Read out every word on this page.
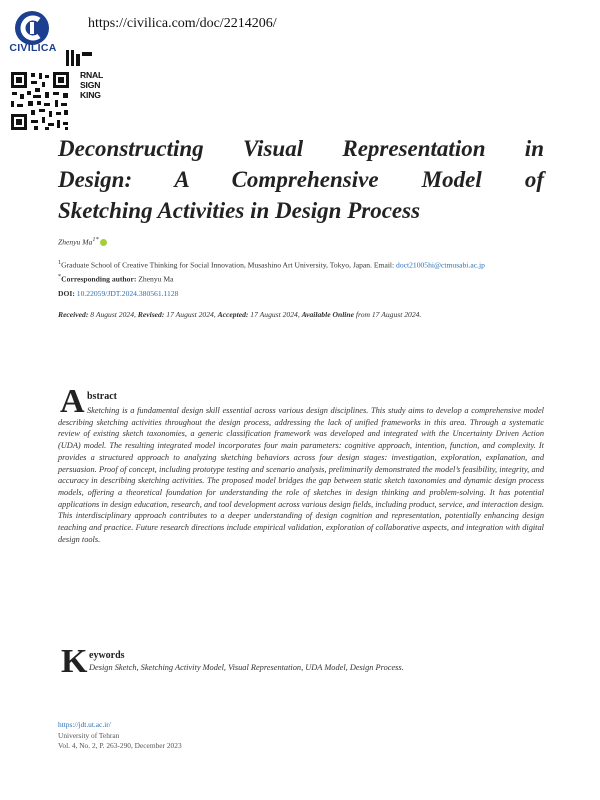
CIVILICA
https://civilica.com/doc/2214206/
RNAL
SIGN
KING
Deconstructing Visual Representation in
Design: A Comprehensive Model of
Sketching Activities in Design Process
Zhenyu $Ma^{1*}$
$^1$Graduate School of Creative Thinking for Social Innovation, Musashino Art University, Tokyo, Japan. Email: doct21005hi@ctmusabi.ac.jp
*Corresponding author: Zhenyu Ma
DOI: 10.22059/JDT.2024.380561.1128
Received: 8 August 2024, Revised: 17 August 2024, Accepted: 17 August 2024, Available Online from 17 August 2024.
A bstract
Sketching is a fundamental design skill essential across various design disciplines. This study aims to develop a comprehensive model describing sketching activities throughout the design process, addressing the lack of unified frameworks in this area. Through a systematic review of existing sketch taxonomies, a generic classification framework was developed and integrated with the Uncertainty Driven Action (UDA) model. The resulting integrated model incorporates four main parameters: cognitive approach, intention, function, and complexity. It provides a structured approach to analyzing sketching behaviors across four design stages: investigation, exploration, explanation, and persuasion. Proof of concept, including prototype testing and scenario analysis, preliminarily demonstrated the model’s feasibility, integrity, and accuracy in describing sketching activities. The proposed model bridges the gap between static sketch taxonomies and dynamic design process models, offering a theoretical foundation for understanding the role of sketches in design thinking and problem-solving. It has potential applications in design education, research, and tool development across various design fields, including product, service, and interaction design. This interdisciplinary approach contributes to a deeper understanding of design cognition and representation, potentially enhancing design teaching and practice. Future research directions include empirical validation, exploration of collaborative aspects, and integration with digital design tools.
K eywords
Design Sketch, Sketching Activity Model, Visual Representation, UDA Model, Design Process.
https://jdt.ut.ac.ir/
University of Tehran
Vol. 4, No. 2, P. 263-290, December 2023
